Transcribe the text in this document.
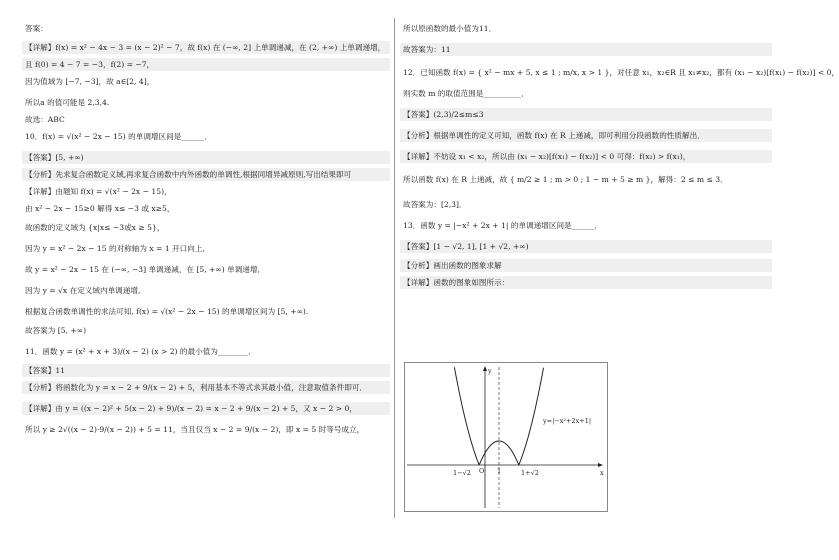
答案：

【详解】f(x) = x² − 4x − 3 = (x − 2)² − 7，故 f(x) 在 (−∞, 2] 上单调递减，在 (2, +∞) 上单调递增，

且 f(0) = 4 − 7 = −3，f(2) = −7，

因为值域为 [−7, −3]，故 a∈[2, 4]，

所以a 的值可能是 2,3,4.

故选：ABC

10．f(x) = √(x² − 2x − 15) 的单调增区间是______．

【答案】[5, +∞)

【分析】先求复合函数定义域,再求复合函数中内外函数的单调性,根据同增异减原则,写出结果即可

【详解】由题知 f(x) = √(x² − 2x − 15)，

由 x² − 2x − 15≥0 解得 x≤ −3 或 x≥5，

故函数的定义域为 {x|x≤ −3或x ≥ 5}，

因为 y = x² − 2x − 15 的对称轴为 x = 1 开口向上,

故 y = x² − 2x − 15 在 (−∞, −3] 单调递减，在 [5, +∞) 单调递增,

因为 y = √x 在定义域内单调递增,

根据复合函数单调性的求法可知, f(x) = √(x² − 2x − 15) 的单调增区间为 [5, +∞).

故答案为 [5, +∞)

11．函数 y = (x² + x + 3)/(x − 2) (x > 2) 的最小值为________．

【答案】11

【分析】将函数化为 y = x − 2 + 9/(x − 2) + 5，利用基本不等式求其最小值，注意取值条件即可．

【详解】由 y = ((x − 2)² + 5(x − 2) + 9)/(x − 2) = x − 2 + 9/(x − 2) + 5，又 x − 2 > 0，

所以 y ≥ 2√((x − 2)·9/(x − 2)) + 5 = 11，当且仅当 x − 2 = 9/(x − 2)，即 x = 5 时等号成立，

所以原函数的最小值为11．

故答案为：11

12．已知函数 f(x) = { x² − mx + 5, x ≤ 1 ; m/x, x > 1 }，对任意 x₁，x₂∈R 且 x₁≠x₂，都有 (x₁ − x₂)[f(x₁) − f(x₂)] < 0，

则实数 m 的取值范围是__________．

【答案】(2,3)/2≤m≤3

【分析】根据单调性的定义可知，函数 f(x) 在 R 上递减，即可利用分段函数的性质解出．

【详解】不妨设 x₁ < x₂，所以由 (x₁ − x₂)[f(x₁) − f(x₂)] < 0 可得：f(x₂) > f(x₁)，

所以函数 f(x) 在 R 上递减，故 { m/2 ≥ 1 ; m > 0 ; 1 − m + 5 ≥ m }，解得：2 ≤ m ≤ 3．

故答案为：[2,3]．

13．函数 y = |−x² + 2x + 1| 的单调递增区间是______．

【答案】[1 − √2, 1], [1 + √2, +∞)

【分析】画出函数的图象求解

【详解】函数的图象如图所示：

y
x
O 1
1−√2	1+√2
y=|−x²+2x+1|
